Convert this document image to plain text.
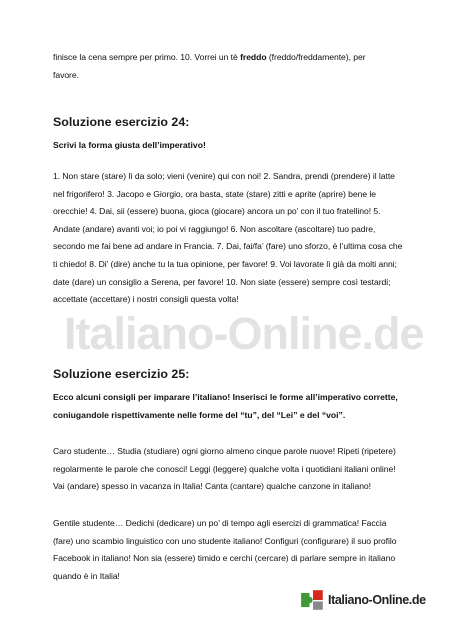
finisce la cena sempre per primo. 10. Vorrei un tè freddo (freddo/freddamente), per
favore.

Soluzione esercizio 24:

Scrivi la forma giusta dell’imperativo!

1. Non stare (stare) lì da solo; vieni (venire) qui con noi! 2. Sandra, prendi (prendere) il latte nel frigorifero! 3. Jacopo e Giorgio, ora basta, state (stare) zitti e aprite (aprire) bene le orecchie! 4. Dai, sii (essere) buona, gioca (giocare) ancora un po’ con il tuo fratellino! 5. Andate (andare) avanti voi; io poi vi raggiungo! 6. Non ascoltare (ascoltare) tuo padre, secondo me fai bene ad andare in Francia. 7. Dai, fai/fa’ (fare) uno sforzo, è l’ultima cosa che ti chiedo! 8. Di’ (dire) anche tu la tua opinione, per favore! 9. Voi lavorate lì già da molti anni; date (dare) un consiglio a Serena, per favore! 10. Non siate (essere) sempre così testardi; accettate (accettare) i nostri consigli questa volta!

Italiano-Online.de
Soluzione esercizio 25:

Ecco alcuni consigli per imparare l’italiano! Inserisci le forme all’imperativo corrette, coniugandole rispettivamente nelle forme del “tu”, del “Lei” e del “voi”.

Caro studente… Studia (studiare) ogni giorno almeno cinque parole nuove! Ripeti (ripetere) regolarmente le parole che conosci! Leggi (leggere) qualche volta i quotidiani italiani online! Vai (andare) spesso in vacanza in Italia! Canta (cantare) qualche canzone in italiano!

Gentile studente… Dedichi (dedicare) un po’ di tempo agli esercizi di grammatica! Faccia (fare) uno scambio linguistico con uno studente italiano! Configuri (configurare) il suo profilo Facebook in italiano! Non sia (essere) timido e cerchi (cercare) di parlare sempre in italiano quando è in Italia!

Italiano-Online.de
